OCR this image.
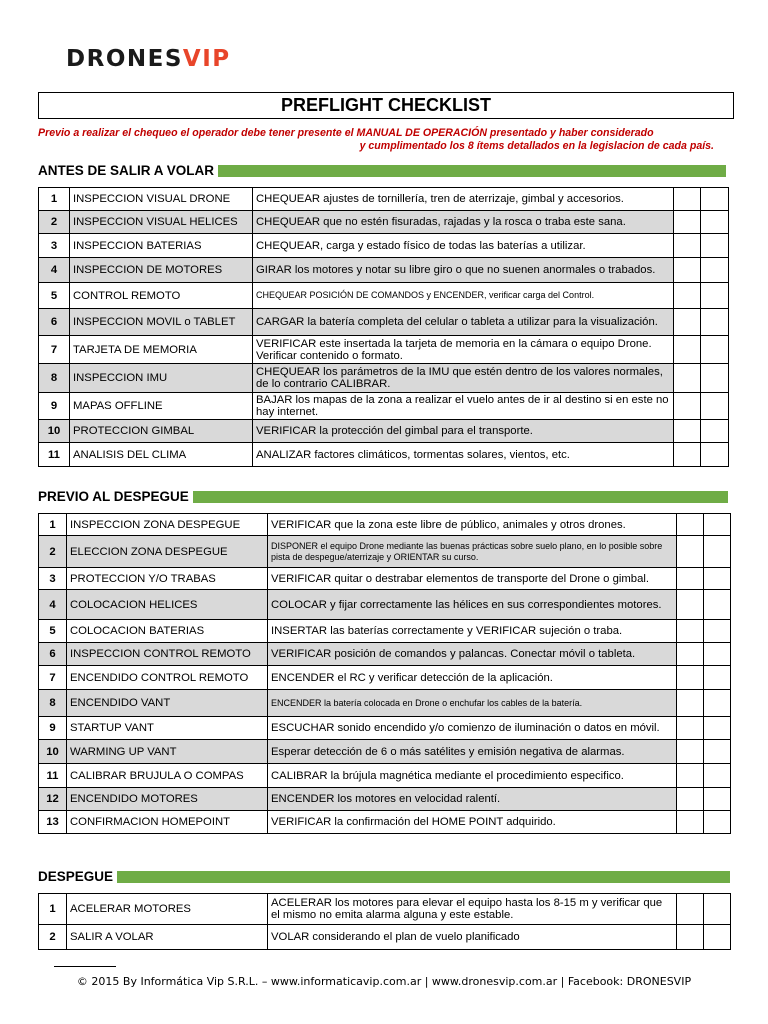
DRONESVIP
PREFLIGHT CHECKLIST

Previo a realizar el chequeo el operador debe tener presente el MANUAL DE OPERACIÓN presentado y haber considerado

y cumplimentado los 8 ítems detallados en la legislacion de cada país.

ANTES DE SALIR A VOLAR
1	INSPECCION VISUAL DRONE	CHEQUEAR ajustes de tornillería, tren de aterrizaje, gimbal y accesorios.		
2	INSPECCION VISUAL HELICES	CHEQUEAR que no estén fisuradas, rajadas y la rosca o traba este sana.		
3	INSPECCION BATERIAS	CHEQUEAR, carga y estado físico de todas las baterías a utilizar.		
4	INSPECCION DE MOTORES	GIRAR los motores y notar su libre giro o que no suenen anormales o trabados.		
5	CONTROL REMOTO	CHEQUEAR POSICIÓN DE COMANDOS y ENCENDER, verificar carga del Control.		
6	INSPECCION MOVIL o TABLET	CARGAR la batería completa del celular o tableta a utilizar para la visualización.		
7	TARJETA DE MEMORIA	VERIFICAR este insertada la tarjeta de memoria en la cámara o equipo Drone. Verificar contenido o formato.		
8	INSPECCION IMU	CHEQUEAR los parámetros de la IMU que estén dentro de los valores normales, de lo contrario CALIBRAR.		
9	MAPAS OFFLINE	BAJAR los mapas de la zona a realizar el vuelo antes de ir al destino si en este no hay internet.		
10	PROTECCION GIMBAL	VERIFICAR la protección del gimbal para el transporte.		
11	ANALISIS DEL CLIMA	ANALIZAR factores climáticos, tormentas solares, vientos, etc.		
PREVIO AL DESPEGUE
1	INSPECCION ZONA DESPEGUE	VERIFICAR que la zona este libre de público, animales y otros drones.		
2	ELECCION ZONA DESPEGUE	DISPONER el equipo Drone mediante las buenas prácticas sobre suelo plano, en lo posible sobre pista de despegue/aterrizaje y ORIENTAR su curso.		
3	PROTECCION Y/O TRABAS	VERIFICAR quitar o destrabar elementos de transporte del Drone o gimbal.		
4	COLOCACION HELICES	COLOCAR y fijar correctamente las hélices en sus correspondientes motores.		
5	COLOCACION BATERIAS	INSERTAR las baterías correctamente y VERIFICAR sujeción o traba.		
6	INSPECCION CONTROL REMOTO	VERIFICAR posición de comandos y palancas. Conectar móvil o tableta.		
7	ENCENDIDO CONTROL REMOTO	ENCENDER el RC y verificar detección de la aplicación.		
8	ENCENDIDO VANT	ENCENDER la batería colocada en Drone o enchufar los cables de la batería.		
9	STARTUP VANT	ESCUCHAR sonido encendido y/o comienzo de iluminación o datos en móvil.		
10	WARMING UP VANT	Esperar detección de 6 o más satélites y emisión negativa de alarmas.		
11	CALIBRAR BRUJULA O COMPAS	CALIBRAR la brújula magnética mediante el procedimiento especifico.		
12	ENCENDIDO MOTORES	ENCENDER los motores en velocidad ralentí.		
13	CONFIRMACION HOMEPOINT	VERIFICAR la confirmación del HOME POINT adquirido.		
DESPEGUE
1	ACELERAR MOTORES	ACELERAR los motores para elevar el equipo hasta los 8-15 m y verificar que el mismo no emita alarma alguna y este estable.		
2	SALIR A VOLAR	VOLAR considerando el plan de vuelo planificado		
© 2015 By Informática Vip S.R.L. – www.informaticavip.com.ar | www.dronesvip.com.ar | Facebook: DRONESVIP
